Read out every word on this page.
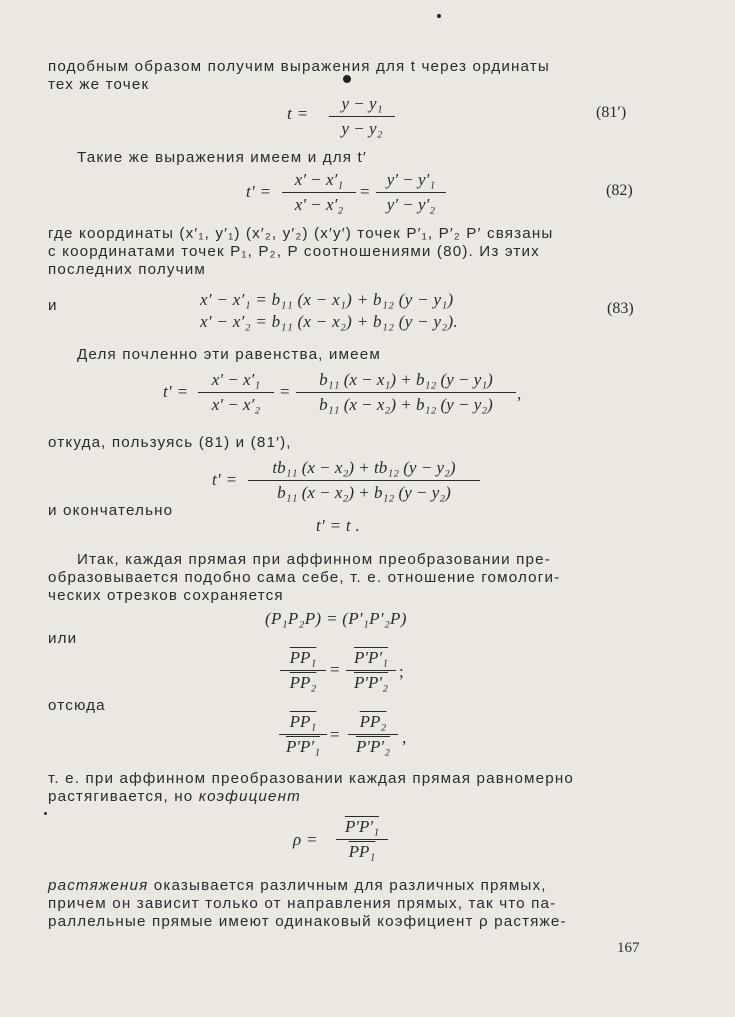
подобным образом получим выражения для t через ординаты
тех же точек
$t = \frac{\text{y − y₁}}{\text{y − y₂}}$	(81′)
Такие же выражения имеем и для t′
$t' = \frac{\text{x′ − x′₁}}{\text{x′ − x′₂}} = \frac{\text{y′ − y′₁}}{\text{y′ − y′₂}}$	(82)
где координаты (x′₁, y′₁) (x′₂, y′₂) (x′y′) точек P′₁, P′₂ P′ связаны
с координатами точек P₁, P₂, P соотношениями (80). Из этих
последних получим
и	x′ − x′₁ = b₁₁ (x − x₁) + b₁₂ (y − y₁)
x′ − x′₂ = b₁₁ (x − x₂) + b₁₂ (y − y₂).
(83)
Деля почленно эти равенства, имеем
$t' = \frac{\text{x′ − x′₁}}{\text{x′ − x′₂}} = \frac{\text{b₁₁ (x − x₁) + b₁₂ (y − y₁)}}{\text{b₁₁ (x − x₂) + b₁₂ (y − y₂)}}$ ,
откуда, пользуясь (81) и (81′),
$t' = \frac{\text{tb₁₁ (x − x₂) + tb₁₂ (y − y₂)}}{\text{b₁₁ (x − x₂) + b₁₂ (y − y₂)}}$
и окончательно
t′ = t .
Итак, каждая прямая при аффинном преобразовании пре-
образовывается подобно сама себе, т. е. отношение гомологи-
ческих отрезков сохраняется
(P₁P₂P) = (P′₁P′₂P)
или
$\frac{\text{PP₁}}{\text{PP₂}} = \frac{\text{P′P′₁}}{\text{P′P′₂}}$ ;
отсюда
$\frac{\text{PP₁}}{\text{P′P′₁}} = \frac{\text{PP₂}}{\text{P′P′₂}}$ ,
т. е. при аффинном преобразовании каждая прямая равномерно
растягивается, но коэфициент
$\rho = \frac{\text{P′P′₁}}{\text{PP₁}}$
растяжения оказывается различным для различных прямых,
причем он зависит только от направления прямых, так что па-
раллельные прямые имеют одинаковый коэфициент ρ растяже-
167
